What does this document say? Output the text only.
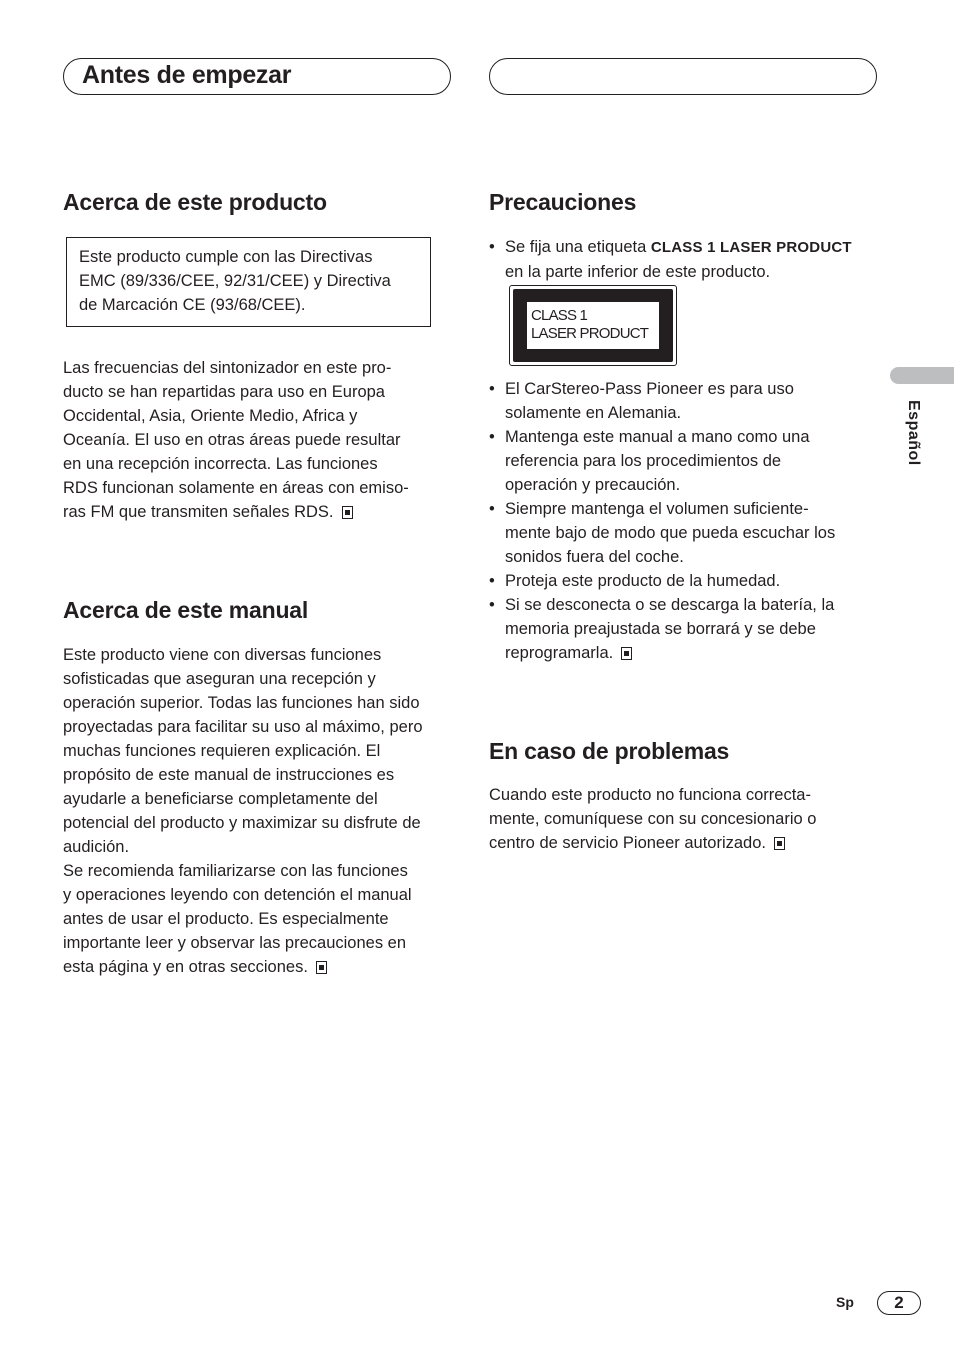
Antes de empezar
Acerca de este producto

Este producto cumple con las Directivas
EMC (89/336/CEE, 92/31/CEE) y Directiva
de Marcación CE (93/68/CEE).

Las frecuencias del sintonizador en este pro-
ducto se han repartidas para uso en Europa
Occidental, Asia, Oriente Medio, Africa y
Oceanía. El uso en otras áreas puede resultar
en una recepción incorrecta. Las funciones
RDS funcionan solamente en áreas con emiso-
ras FM que transmiten señales RDS.

Acerca de este manual

Este producto viene con diversas funciones
sofisticadas que aseguran una recepción y
operación superior. Todas las funciones han sido
proyectadas para facilitar su uso al máximo, pero
muchas funciones requieren explicación. El
propósito de este manual de instrucciones es
ayudarle a beneficiarse completamente del
potencial del producto y maximizar su disfrute de
audición.
Se recomienda familiarizarse con las funciones
y operaciones leyendo con detención el manual
antes de usar el producto. Es especialmente
importante leer y observar las precauciones en
esta página y en otras secciones.

Precauciones
• Se fija una etiqueta CLASS 1 LASER PRODUCT
en la parte inferior de este producto.
CLASS 1
LASER PRODUCT
• El CarStereo-Pass Pioneer es para uso
solamente en Alemania.
• Mantenga este manual a mano como una
referencia para los procedimientos de
operación y precaución.
• Siempre mantenga el volumen suficiente-
mente bajo de modo que pueda escuchar los
sonidos fuera del coche.
• Proteja este producto de la humedad.
• Si se desconecta o se descarga la batería, la
memoria preajustada se borrará y se debe
reprogramarla.
En caso de problemas

Cuando este producto no funciona correcta-
mente, comuníquese con su concesionario o
centro de servicio Pioneer autorizado.

Español
Sp	2
